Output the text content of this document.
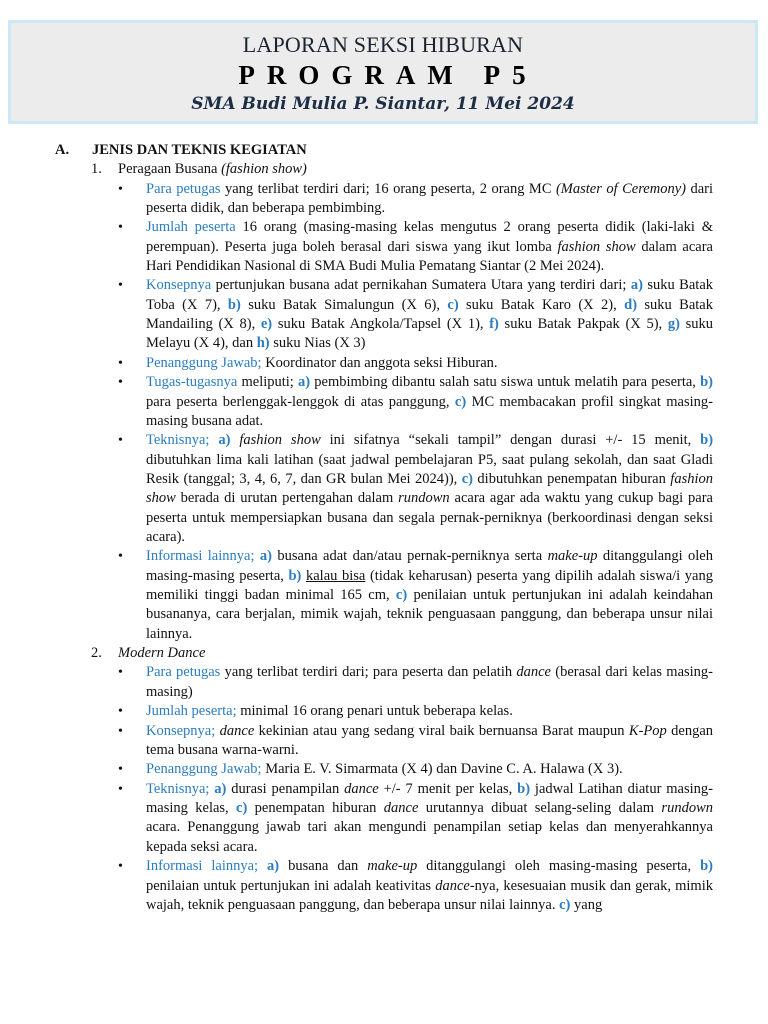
LAPORAN SEKSI HIBURAN
PROGRAM P5
SMA Budi Mulia P. Siantar, 11 Mei 2024
A. JENIS DAN TEKNIS KEGIATAN
1. Peragaan Busana (fashion show)
• Para petugas yang terlibat terdiri dari; 16 orang peserta, 2 orang MC (Master of Ceremony) dari peserta didik, dan beberapa pembimbing.
• Jumlah peserta 16 orang (masing-masing kelas mengutus 2 orang peserta didik (laki-laki & perempuan). Peserta juga boleh berasal dari siswa yang ikut lomba fashion show dalam acara Hari Pendidikan Nasional di SMA Budi Mulia Pematang Siantar (2 Mei 2024).
• Konsepnya pertunjukan busana adat pernikahan Sumatera Utara yang terdiri dari; a) suku Batak Toba (X 7), b) suku Batak Simalungun (X 6), c) suku Batak Karo (X 2), d) suku Batak Mandailing (X 8), e) suku Batak Angkola/Tapsel (X 1), f) suku Batak Pakpak (X 5), g) suku Melayu (X 4), dan h) suku Nias (X 3)
• Penanggung Jawab; Koordinator dan anggota seksi Hiburan.
• Tugas-tugasnya meliputi; a) pembimbing dibantu salah satu siswa untuk melatih para peserta, b) para peserta berlenggak-lenggok di atas panggung, c) MC membacakan profil singkat masing-masing busana adat.
• Teknisnya; a) fashion show ini sifatnya “sekali tampil” dengan durasi +/- 15 menit, b) dibutuhkan lima kali latihan (saat jadwal pembelajaran P5, saat pulang sekolah, dan saat Gladi Resik (tanggal; 3, 4, 6, 7, dan GR bulan Mei 2024)), c) dibutuhkan penempatan hiburan fashion show berada di urutan pertengahan dalam rundown acara agar ada waktu yang cukup bagi para peserta untuk mempersiapkan busana dan segala pernak-perniknya (berkoordinasi dengan seksi acara).
• Informasi lainnya; a) busana adat dan/atau pernak-perniknya serta make-up ditanggulangi oleh masing-masing peserta, b) kalau bisa (tidak keharusan) peserta yang dipilih adalah siswa/i yang memiliki tinggi badan minimal 165 cm, c) penilaian untuk pertunjukan ini adalah keindahan busananya, cara berjalan, mimik wajah, teknik penguasaan panggung, dan beberapa unsur nilai lainnya.
2. Modern Dance
• Para petugas yang terlibat terdiri dari; para peserta dan pelatih dance (berasal dari kelas masing-masing)
• Jumlah peserta; minimal 16 orang penari untuk beberapa kelas.
• Konsepnya; dance kekinian atau yang sedang viral baik bernuansa Barat maupun K-Pop dengan tema busana warna-warni.
• Penanggung Jawab; Maria E. V. Simarmata (X 4) dan Davine C. A. Halawa (X 3).
• Teknisnya; a) durasi penampilan dance +/- 7 menit per kelas, b) jadwal Latihan diatur masing-masing kelas, c) penempatan hiburan dance urutannya dibuat selang-seling dalam rundown acara. Penanggung jawab tari akan mengundi penampilan setiap kelas dan menyerahkannya kepada seksi acara.
• Informasi lainnya; a) busana dan make-up ditanggulangi oleh masing-masing peserta, b) penilaian untuk pertunjukan ini adalah keativitas dance-nya, kesesuaian musik dan gerak, mimik wajah, teknik penguasaan panggung, dan beberapa unsur nilai lainnya. c) yang
